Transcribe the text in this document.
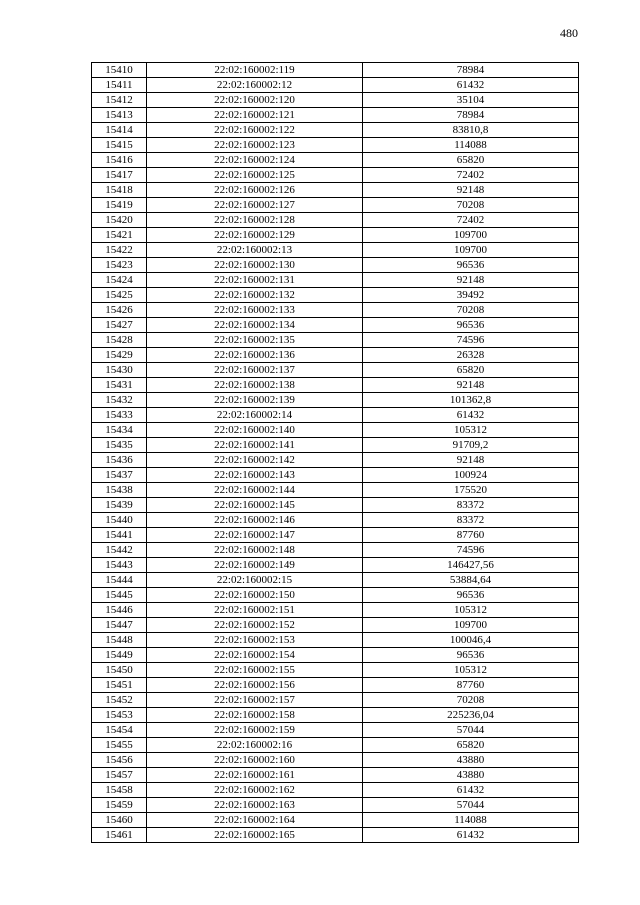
480
15410	22:02:160002:119	78984
15411	22:02:160002:12	61432
15412	22:02:160002:120	35104
15413	22:02:160002:121	78984
15414	22:02:160002:122	83810,8
15415	22:02:160002:123	114088
15416	22:02:160002:124	65820
15417	22:02:160002:125	72402
15418	22:02:160002:126	92148
15419	22:02:160002:127	70208
15420	22:02:160002:128	72402
15421	22:02:160002:129	109700
15422	22:02:160002:13	109700
15423	22:02:160002:130	96536
15424	22:02:160002:131	92148
15425	22:02:160002:132	39492
15426	22:02:160002:133	70208
15427	22:02:160002:134	96536
15428	22:02:160002:135	74596
15429	22:02:160002:136	26328
15430	22:02:160002:137	65820
15431	22:02:160002:138	92148
15432	22:02:160002:139	101362,8
15433	22:02:160002:14	61432
15434	22:02:160002:140	105312
15435	22:02:160002:141	91709,2
15436	22:02:160002:142	92148
15437	22:02:160002:143	100924
15438	22:02:160002:144	175520
15439	22:02:160002:145	83372
15440	22:02:160002:146	83372
15441	22:02:160002:147	87760
15442	22:02:160002:148	74596
15443	22:02:160002:149	146427,56
15444	22:02:160002:15	53884,64
15445	22:02:160002:150	96536
15446	22:02:160002:151	105312
15447	22:02:160002:152	109700
15448	22:02:160002:153	100046,4
15449	22:02:160002:154	96536
15450	22:02:160002:155	105312
15451	22:02:160002:156	87760
15452	22:02:160002:157	70208
15453	22:02:160002:158	225236,04
15454	22:02:160002:159	57044
15455	22:02:160002:16	65820
15456	22:02:160002:160	43880
15457	22:02:160002:161	43880
15458	22:02:160002:162	61432
15459	22:02:160002:163	57044
15460	22:02:160002:164	114088
15461	22:02:160002:165	61432
